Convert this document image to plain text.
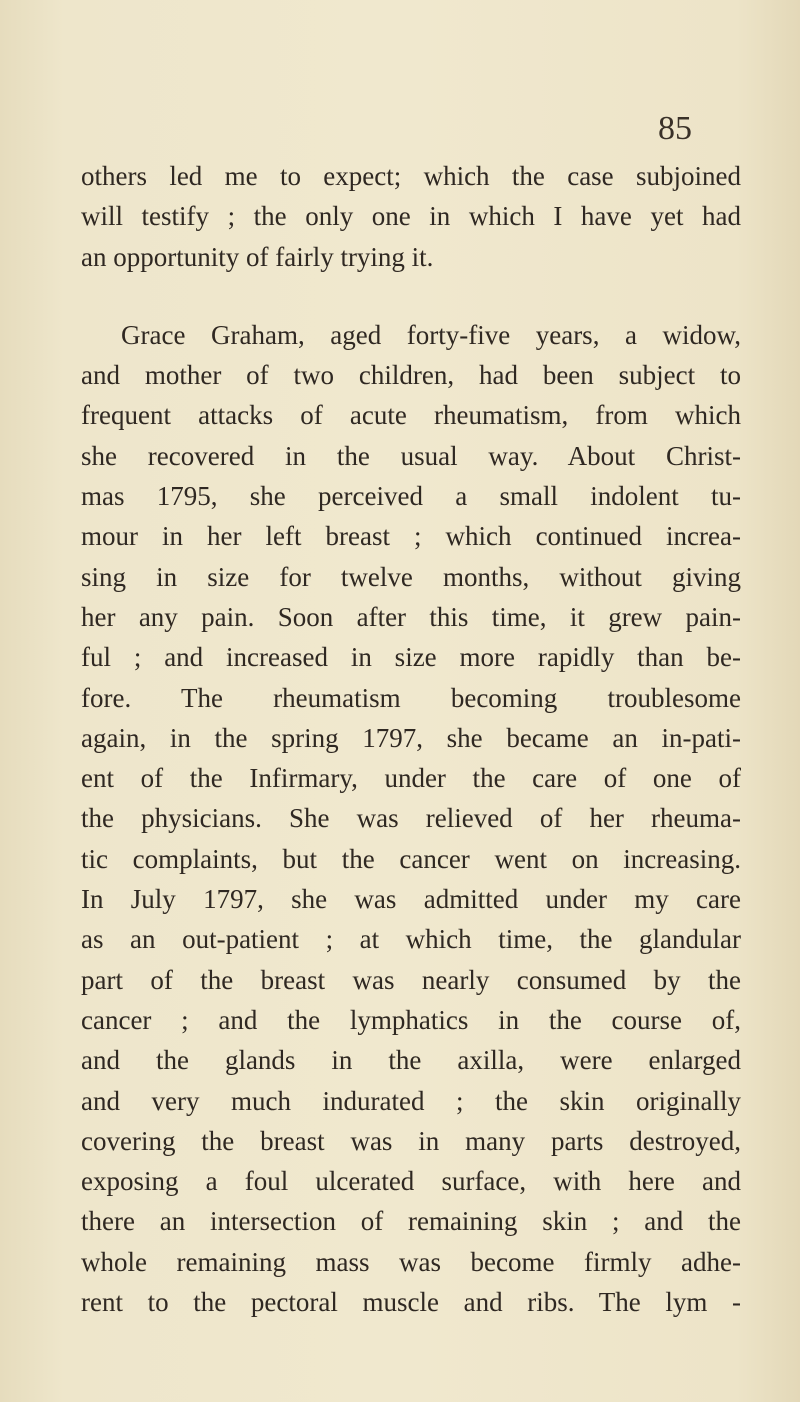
85
others led me to expect; which the case subjoined
will testify ; the only one in which I have yet had
an opportunity of fairly trying it.
Grace Graham, aged forty-five years, a widow,
and mother of two children, had been subject to
frequent attacks of acute rheumatism, from which
she recovered in the usual way. About Christ-
mas 1795, she perceived a small indolent tu-
mour in her left breast ; which continued increa-
sing in size for twelve months, without giving
her any pain. Soon after this time, it grew pain-
ful ; and increased in size more rapidly than be-
fore. The rheumatism becoming troublesome
again, in the spring 1797, she became an in-pati-
ent of the Infirmary, under the care of one of
the physicians. She was relieved of her rheuma-
tic complaints, but the cancer went on increasing.
In July 1797, she was admitted under my care
as an out-patient ; at which time, the glandular
part of the breast was nearly consumed by the
cancer ; and the lymphatics in the course of,
and the glands in the axilla, were enlarged
and very much indurated ; the skin originally
covering the breast was in many parts destroyed,
exposing a foul ulcerated surface, with here and
there an intersection of remaining skin ; and the
whole remaining mass was become firmly adhe-
rent to the pectoral muscle and ribs. The lym -
